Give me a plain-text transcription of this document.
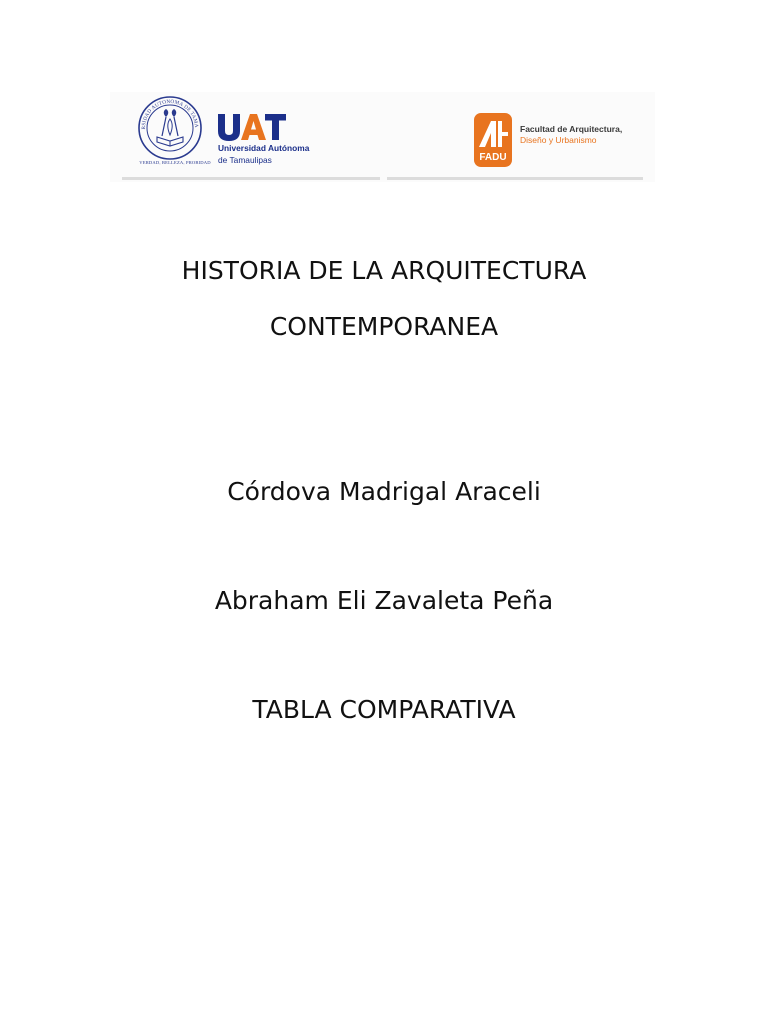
RSIDAD AUTONOMA DE TAMA
VERDAD, BELLEZA, PROBIDAD
Universidad Autónoma
de Tamaulipas	FADU
Facultad de Arquitectura,
Diseño y Urbanismo
HISTORIA DE LA ARQUITECTURA
CONTEMPORANEA
Córdova Madrigal Araceli
Abraham Eli Zavaleta Peña
TABLA COMPARATIVA
